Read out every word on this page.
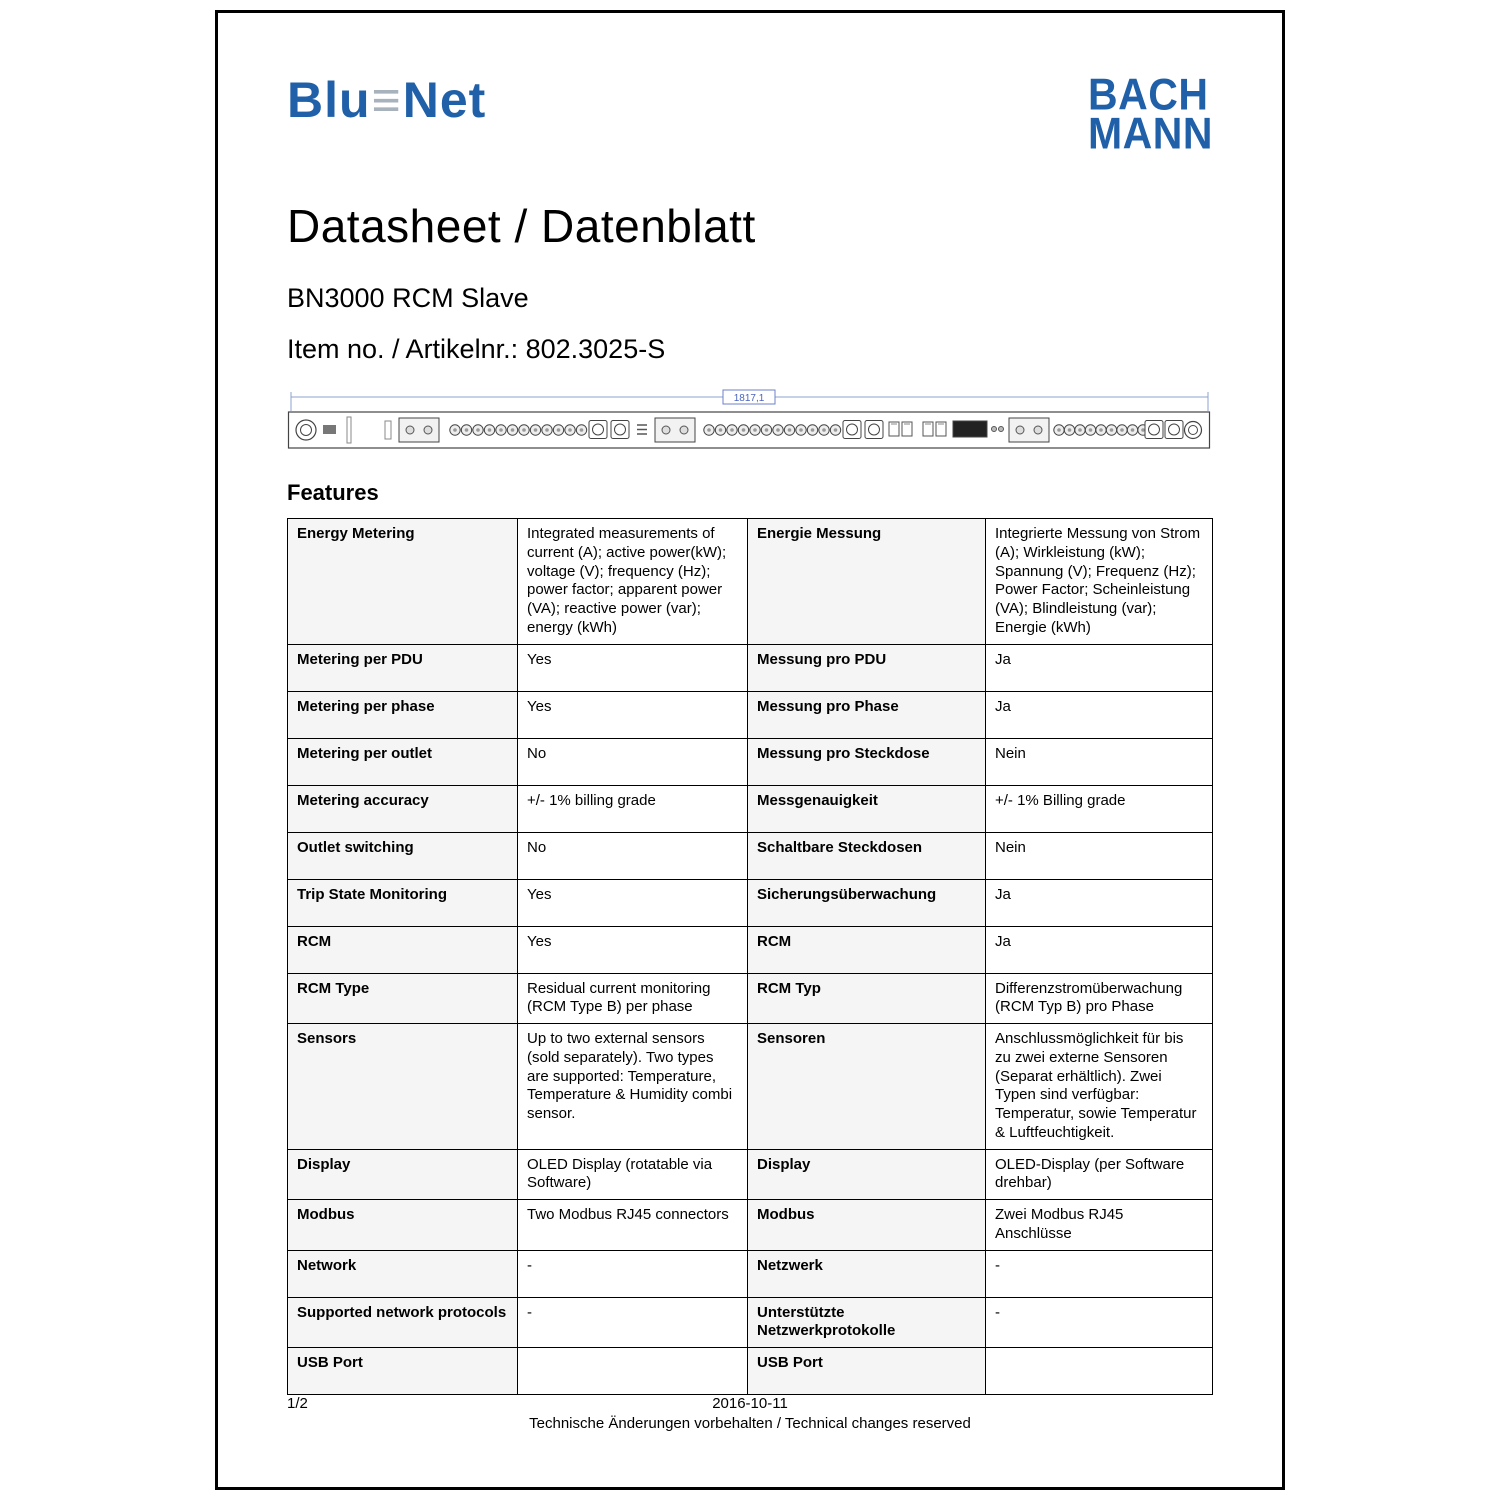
Blu≡Net	BACH
MANN
Datasheet / Datenblatt
BN3000 RCM Slave
Item no. / Artikelnr.: 802.3025-S
1817,1
Features
Energy Metering	Integrated measurements of current (A); active power(kW); voltage (V); frequency (Hz); power factor; apparent power (VA); reactive power (var); energy (kWh)	Energie Messung	Integrierte Messung von Strom (A); Wirkleistung (kW); Spannung (V); Frequenz (Hz); Power Factor; Scheinleistung (VA); Blindleistung (var); Energie (kWh)
Metering per PDU	Yes	Messung pro PDU	Ja
Metering per phase	Yes	Messung pro Phase	Ja
Metering per outlet	No	Messung pro Steckdose	Nein
Metering accuracy	+/- 1% billing grade	Messgenauigkeit	+/- 1% Billing grade
Outlet switching	No	Schaltbare Steckdosen	Nein
Trip State Monitoring	Yes	Sicherungsüberwachung	Ja
RCM	Yes	RCM	Ja
RCM Type	Residual current monitoring (RCM Type B) per phase	RCM Typ	Differenzstromüberwachung (RCM Typ B) pro Phase
Sensors	Up to two external sensors (sold separately). Two types are supported: Temperature, Temperature & Humidity combi sensor.	Sensoren	Anschlussmöglichkeit für bis zu zwei externe Sensoren (Separat erhältlich). Zwei Typen sind verfügbar: Temperatur, sowie Temperatur & Luftfeuchtigkeit.
Display	OLED Display (rotatable via Software)	Display	OLED-Display (per Software drehbar)
Modbus	Two Modbus RJ45 connectors	Modbus	Zwei Modbus RJ45 Anschlüsse
Network	-	Netzwerk	-
Supported network protocols	-	Unterstützte Netzwerkprotokolle	-
USB Port		USB Port	
1/2	2016-10-11
Technische Änderungen vorbehalten / Technical changes reserved
